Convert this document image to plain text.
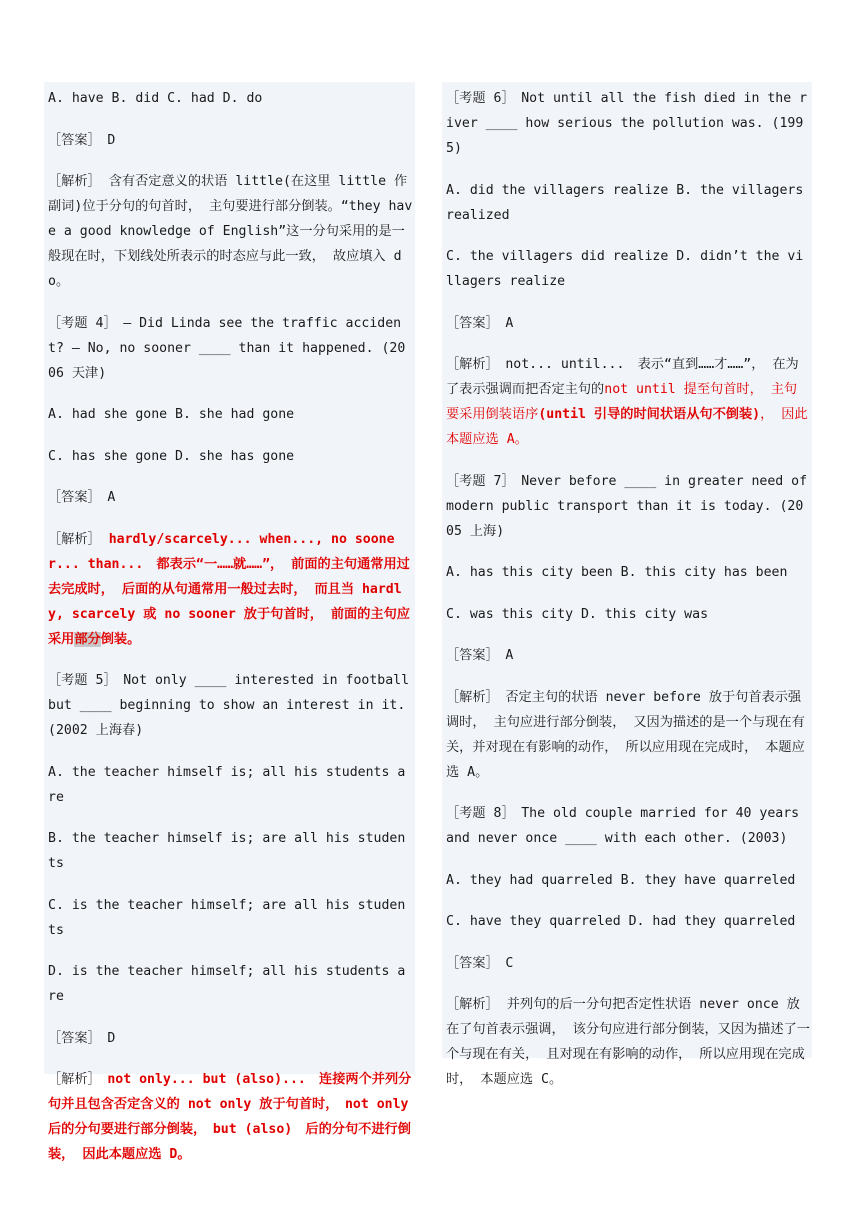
A. have B. did C. had D. do

［答案］　D

［解析］ 含有否定意义的状语 little(在这里 little 作副词)位于分句的句首时， 主句要进行部分倒装。“they have a good knowledge of English”这一分句采用的是一般现在时，下划线处所表示的时态应与此一致， 故应填入 do。

［考题 4］　— Did Linda see the traffic accident? — No, no sooner ____ than it happened. (2006 天津)

A. had she gone B. she had gone

C. has she gone D. she has gone

［答案］　A

［解析］ hardly/scarcely... when..., no sooner... than...　都表示“一……就……”， 前面的主句通常用过去完成时， 后面的从句通常用一般过去时， 而且当 hardly, scarcely 或 no sooner 放于句首时， 前面的主句应采用部分倒装。

［考题 5］　Not only ____ interested in football but ____ beginning to show an interest in it. (2002 上海春)

A. the teacher himself is; all his students are

B. the teacher himself is; are all his students

C. is the teacher himself; are all his students

D. is the teacher himself; all his students are

［答案］　D

［解析］　not only... but (also)...　连接两个并列分句并且包含否定含义的 not only 放于句首时，　not only 后的分句要进行部分倒装，　but (also)　后的分句不进行倒装， 因此本题应选 D。

［考题 6］　Not until all the fish died in the river ____ how serious the pollution was. (1995)

A. did the villagers realize B. the villagers realized

C. the villagers did realize D. didn’t the villagers realize

［答案］　A

［解析］　not... until...　表示“直到……才……”， 在为了表示强调而把否定主句的not until 提至句首时， 主句要采用倒装语序(until 引导的时间状语从句不倒装)， 因此本题应选 A。

［考题 7］　Never before ____ in greater need of modern public transport than it is today. (2005 上海)

A. has this city been B. this city has been

C. was this city D. this city was

［答案］　A

［解析］　否定主句的状语 never before 放于句首表示强调时， 主句应进行部分倒装， 又因为描述的是一个与现在有关，并对现在有影响的动作， 所以应用现在完成时， 本题应选 A。

［考题 8］　The old couple married for 40 years and never once ____ with each other. (2003)

A. they had quarreled B. they have quarreled

C. have they quarreled D. had they quarreled

［答案］　C

［解析］ 并列句的后一分句把否定性状语 never once 放在了句首表示强调， 该分句应进行部分倒装，又因为描述了一个与现在有关， 且对现在有影响的动作， 所以应用现在完成时， 本题应选 C。
